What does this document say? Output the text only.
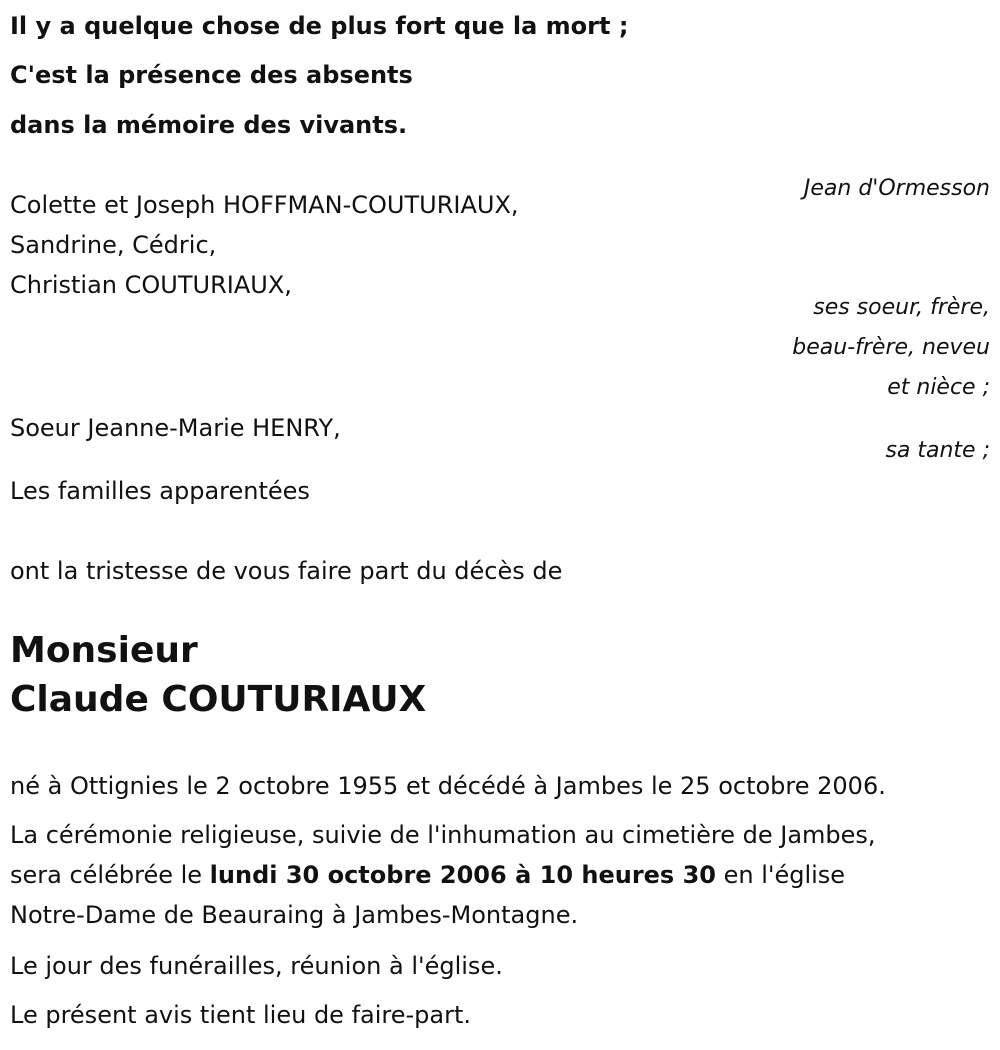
Il y a quelque chose de plus fort que la mort ;

C'est la présence des absents

dans la mémoire des vivants.

Jean d'Ormesson

Colette et Joseph HOFFMAN-COUTURIAUX,

Sandrine, Cédric,

Christian COUTURIAUX,

ses soeur, frère,

beau-frère, neveu

et nièce ;

Soeur Jeanne-Marie HENRY,

sa tante ;

Les familles apparentées

ont la tristesse de vous faire part du décès de

Monsieur

Claude COUTURIAUX

né à Ottignies le 2 octobre 1955 et décédé à Jambes le 25 octobre 2006.

La cérémonie religieuse, suivie de l'inhumation au cimetière de Jambes,

sera célébrée le lundi 30 octobre 2006 à 10 heures 30 en l'église

Notre-Dame de Beauraing à Jambes-Montagne.

Le jour des funérailles, réunion à l'église.

Le présent avis tient lieu de faire-part.
